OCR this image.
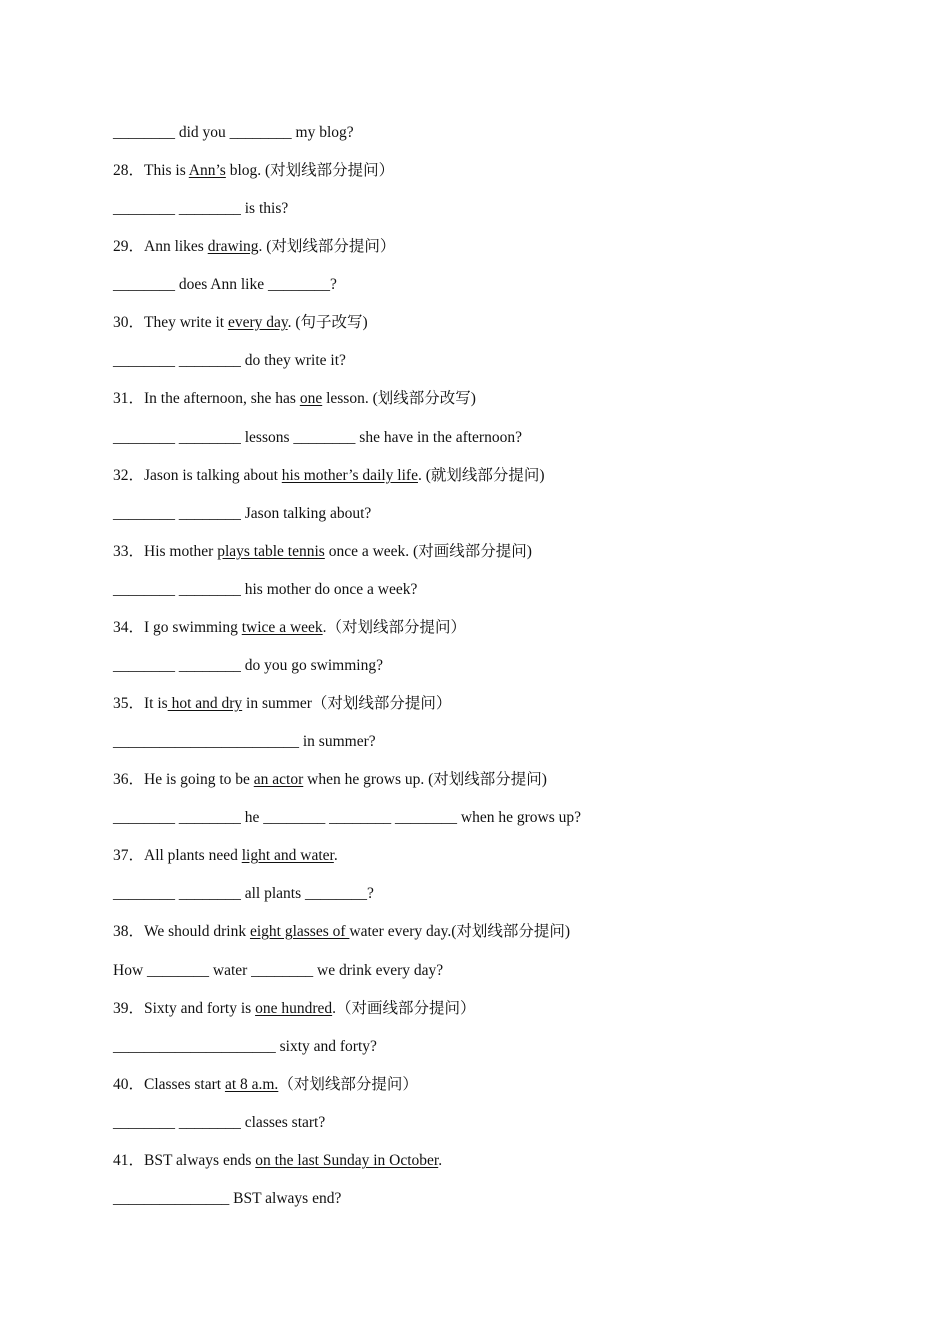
________ did you ________ my blog?
28．This is Ann’s blog. (对划线部分提问）
________ ________ is this?
29．Ann likes drawing. (对划线部分提问）
________ does Ann like ________?
30．They write it every day. (句子改写)
________ ________ do they write it?
31．In the afternoon, she has one lesson. (划线部分改写)
________ ________ lessons ________ she have in the afternoon?
32．Jason is talking about his mother’s daily life. (就划线部分提问)
________ ________ Jason talking about?
33．His mother plays table tennis once a week. (对画线部分提问)
________ ________ his mother do once a week?
34．I go swimming twice a week.（对划线部分提问）
________ ________ do you go swimming?
35．It is hot and dry in summer（对划线部分提问）
________________________ in summer?
36．He is going to be an actor when he grows up. (对划线部分提问)
________ ________ he ________ ________ ________ when he grows up?
37．All plants need light and water.
________ ________ all plants ________?
38．We should drink eight glasses of water every day.(对划线部分提问)
How ________ water ________ we drink every day?
39．Sixty and forty is one hundred.（对画线部分提问）
_____________________ sixty and forty?
40．Classes start at 8 a.m.（对划线部分提问）
________ ________ classes start?
41．BST always ends on the last Sunday in October.
_______________ BST always end?
